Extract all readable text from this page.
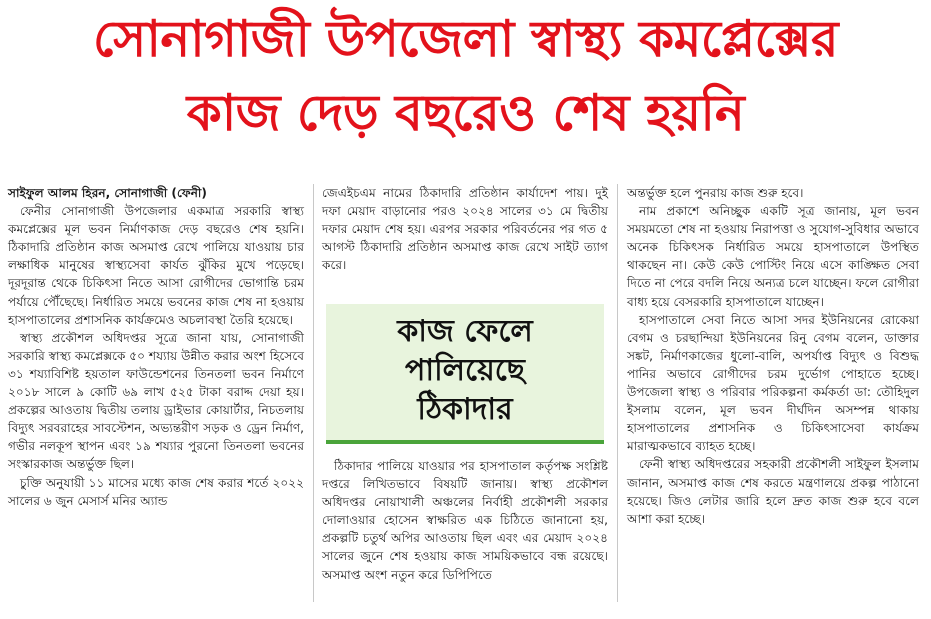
সোনাগাজী উপজেলা স্বাস্থ্য কমপ্লেক্সের
কাজ দেড় বছরেও শেষ হয়নি
সাইফুল আলম হিরন, সোনাগাজী (ফেনী)

ফেনীর সোনাগাজী উপজেলার একমাত্র সরকারি স্বাস্থ্য কমপ্লেক্সের মূল ভবন নির্মাণকাজ দেড় বছরেও শেষ হয়নি। ঠিকাদারি প্রতিষ্ঠান কাজ অসমাপ্ত রেখে পালিয়ে যাওয়ায় চার লক্ষাধিক মানুষের স্বাস্থ্যসেবা কার্যত ঝুঁকির মুখে পড়েছে। দূরদূরান্ত থেকে চিকিৎসা নিতে আসা রোগীদের ভোগান্তি চরম পর্যায়ে পৌঁছেছে। নির্ধারিত সময়ে ভবনের কাজ শেষ না হওয়ায় হাসপাতালের প্রশাসনিক কার্যক্রমেও অচলাবস্থা তৈরি হয়েছে।

স্বাস্থ্য প্রকৌশল অধিদপ্তর সূত্রে জানা যায়, সোনাগাজী সরকারি স্বাস্থ্য কমপ্লেক্সকে ৫০ শয্যায় উন্নীত করার অংশ হিসেবে ৩১ শয্যাবিশিষ্ট হয়তাল ফাউন্ডেশনের তিনতলা ভবন নির্মাণে ২০১৮ সালে ৯ কোটি ৬৯ লাখ ৫২৫ টাকা বরাদ্দ দেয়া হয়। প্রকল্পের আওতায় দ্বিতীয় তলায় ড্রাইভার কোয়ার্টার, নিচতলায় বিদ্যুৎ সরবরাহের সাবস্টেশন, অভ্যন্তরীণ সড়ক ও ড্রেন নির্মাণ, গভীর নলকূপ স্থাপন এবং ১৯ শয্যার পুরনো তিনতলা ভবনের সংস্কারকাজ অন্তর্ভুক্ত ছিল।

চুক্তি অনুযায়ী ১১ মাসের মধ্যে কাজ শেষ করার শর্তে ২০২২ সালের ৬ জুন মেসার্স মনির অ্যান্ড

জেএইচএম নামের ঠিকাদারি প্রতিষ্ঠান কার্যাদেশ পায়। দুই দফা মেয়াদ বাড়ানোর পরও ২০২৪ সালের ৩১ মে দ্বিতীয় দফার মেয়াদ শেষ হয়। এরপর সরকার পরিবর্তনের পর গত ৫ আগস্ট ঠিকাদারি প্রতিষ্ঠান অসমাপ্ত কাজ রেখে সাইট ত্যাগ করে।

কাজ ফেলে
পালিয়েছে
ঠিকাদার

ঠিকাদার পালিয়ে যাওয়ার পর হাসপাতাল কর্তৃপক্ষ সংশ্লিষ্ট দপ্তরে লিখিতভাবে বিষয়টি জানায়। স্বাস্থ্য প্রকৌশল অধিদপ্তর নোয়াখালী অঞ্চলের নির্বাহী প্রকৌশলী সরকার দোলাওয়ার হোসেন স্বাক্ষরিত এক চিঠিতে জানানো হয়, প্রকল্পটি চতুর্থ অপির আওতায় ছিল এবং এর মেয়াদ ২০২৪ সালের জুনে শেষ হওয়ায় কাজ সাময়িকভাবে বন্ধ রয়েছে। অসমাপ্ত অংশ নতুন করে ডিপিপিতে

অন্তর্ভুক্ত হলে পুনরায় কাজ শুরু হবে।

নাম প্রকাশে অনিচ্ছুক একটি সূত্র জানায়, মূল ভবন সময়মতো শেষ না হওয়ায় নিরাপত্তা ও সুযোগ-সুবিধার অভাবে অনেক চিকিৎসক নির্ধারিত সময়ে হাসপাতালে উপস্থিত থাকছেন না। কেউ কেউ পোস্টিং নিয়ে এসে কাঙ্ক্ষিত সেবা দিতে না পেরে বদলি নিয়ে অন্যত্র চলে যাচ্ছেন। ফলে রোগীরা বাধ্য হয়ে বেসরকারি হাসপাতালে যাচ্ছেন।

হাসপাতালে সেবা নিতে আসা সদর ইউনিয়নের রোকেয়া বেগম ও চরছান্দিয়া ইউনিয়নের রিনু বেগম বলেন, ডাক্তার সঙ্কট, নির্মাণকাজের ধুলো-বালি, অপর্যাপ্ত বিদ্যুৎ ও বিশুদ্ধ পানির অভাবে রোগীদের চরম দুর্ভোগ পোহাতে হচ্ছে। উপজেলা স্বাস্থ্য ও পরিবার পরিকল্পনা কর্মকর্তা ডা: তৌহিদুল ইসলাম বলেন, মূল ভবন দীর্ঘদিন অসম্পন্ন থাকায় হাসপাতালের প্রশাসনিক ও চিকিৎসাসেবা কার্যক্রম মারাত্মকভাবে ব্যাহত হচ্ছে।

ফেনী স্বাস্থ্য অধিদপ্তরের সহকারী প্রকৌশলী সাইফুল ইসলাম জানান, অসমাপ্ত কাজ শেষ করতে মন্ত্রণালয়ে প্রকল্প পাঠানো হয়েছে। জিও লেটার জারি হলে দ্রুত কাজ শুরু হবে বলে আশা করা হচ্ছে।
